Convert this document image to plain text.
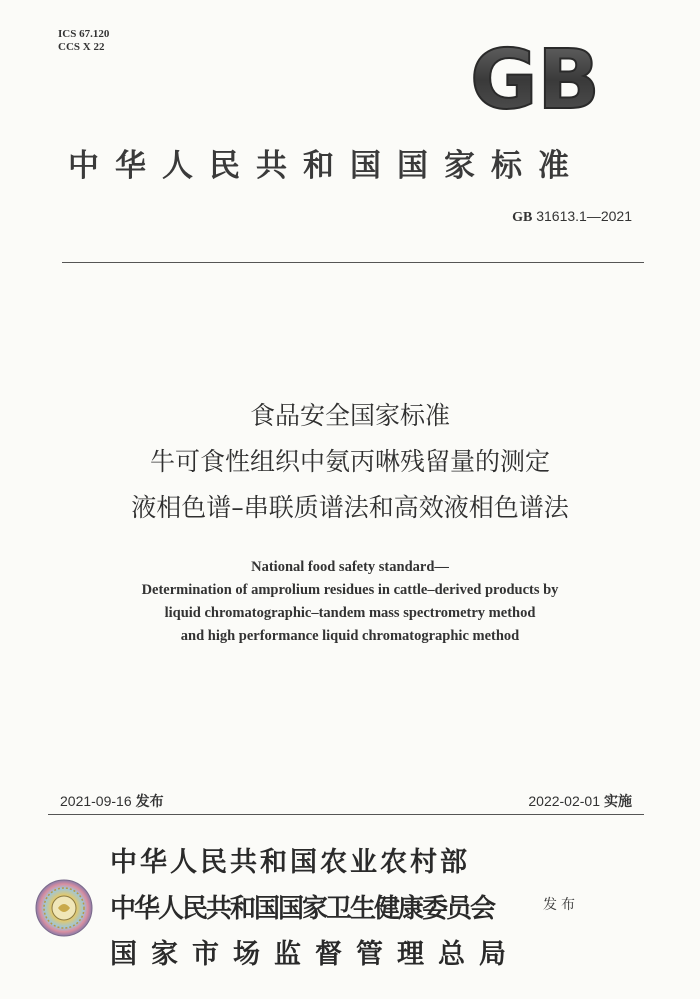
ICS 67.120
CCS X 22	GB
中华人民共和国国家标准
GB 31613.1—2021
食品安全国家标准
牛可食性组织中氨丙啉残留量的测定
液相色谱–串联质谱法和高效液相色谱法
National food safety standard—
Determination of amprolium residues in cattle–derived products by
liquid chromatographic–tandem mass spectrometry method
and high performance liquid chromatographic method
2021-09-16 发布	2022-02-01 实施
中华人民共和国农业农村部
中华人民共和国国家卫生健康委员会
国家市场监督管理总局
发布
